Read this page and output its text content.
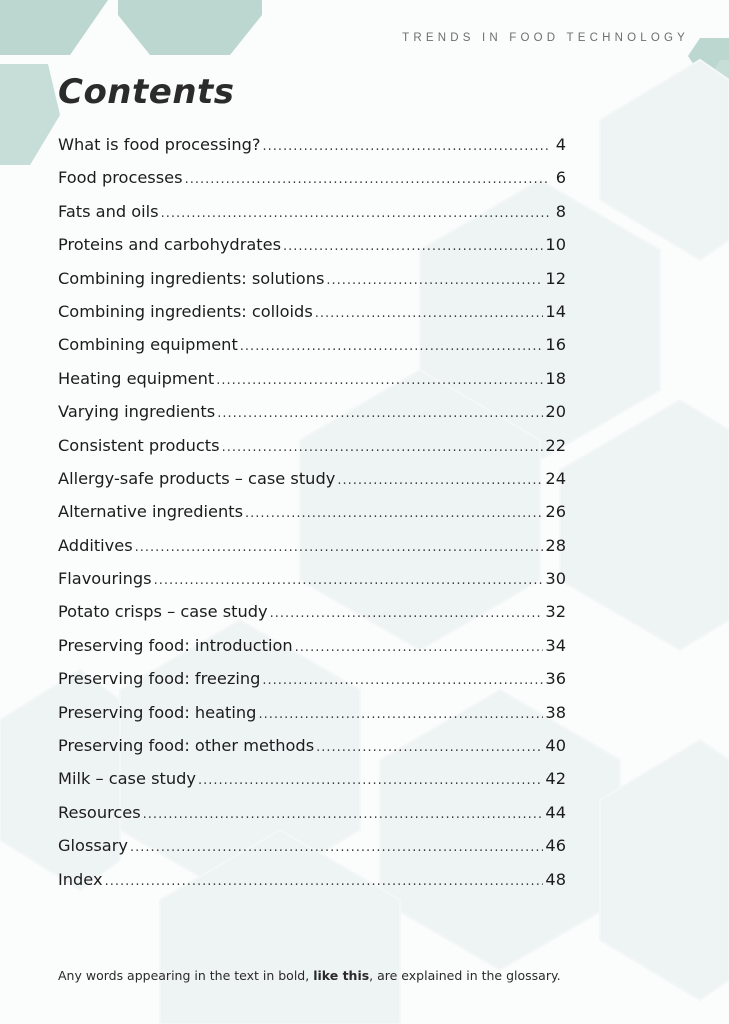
TRENDS IN FOOD TECHNOLOGY
Contents
What is food processing? .....	4
Food processes .....	6
Fats and oils .....	8
Proteins and carbohydrates .....	10
Combining ingredients: solutions .....	12
Combining ingredients: colloids .....	14
Combining equipment .....	16
Heating equipment .....	18
Varying ingredients .....	20
Consistent products .....	22
Allergy-safe products – case study .....	24
Alternative ingredients .....	26
Additives .....	28
Flavourings .....	30
Potato crisps – case study .....	32
Preserving food: introduction .....	34
Preserving food: freezing .....	36
Preserving food: heating .....	38
Preserving food: other methods .....	40
Milk – case study .....	42
Resources .....	44
Glossary .....	46
Index .....	48
Any words appearing in the text in bold, like this, are explained in the glossary.
